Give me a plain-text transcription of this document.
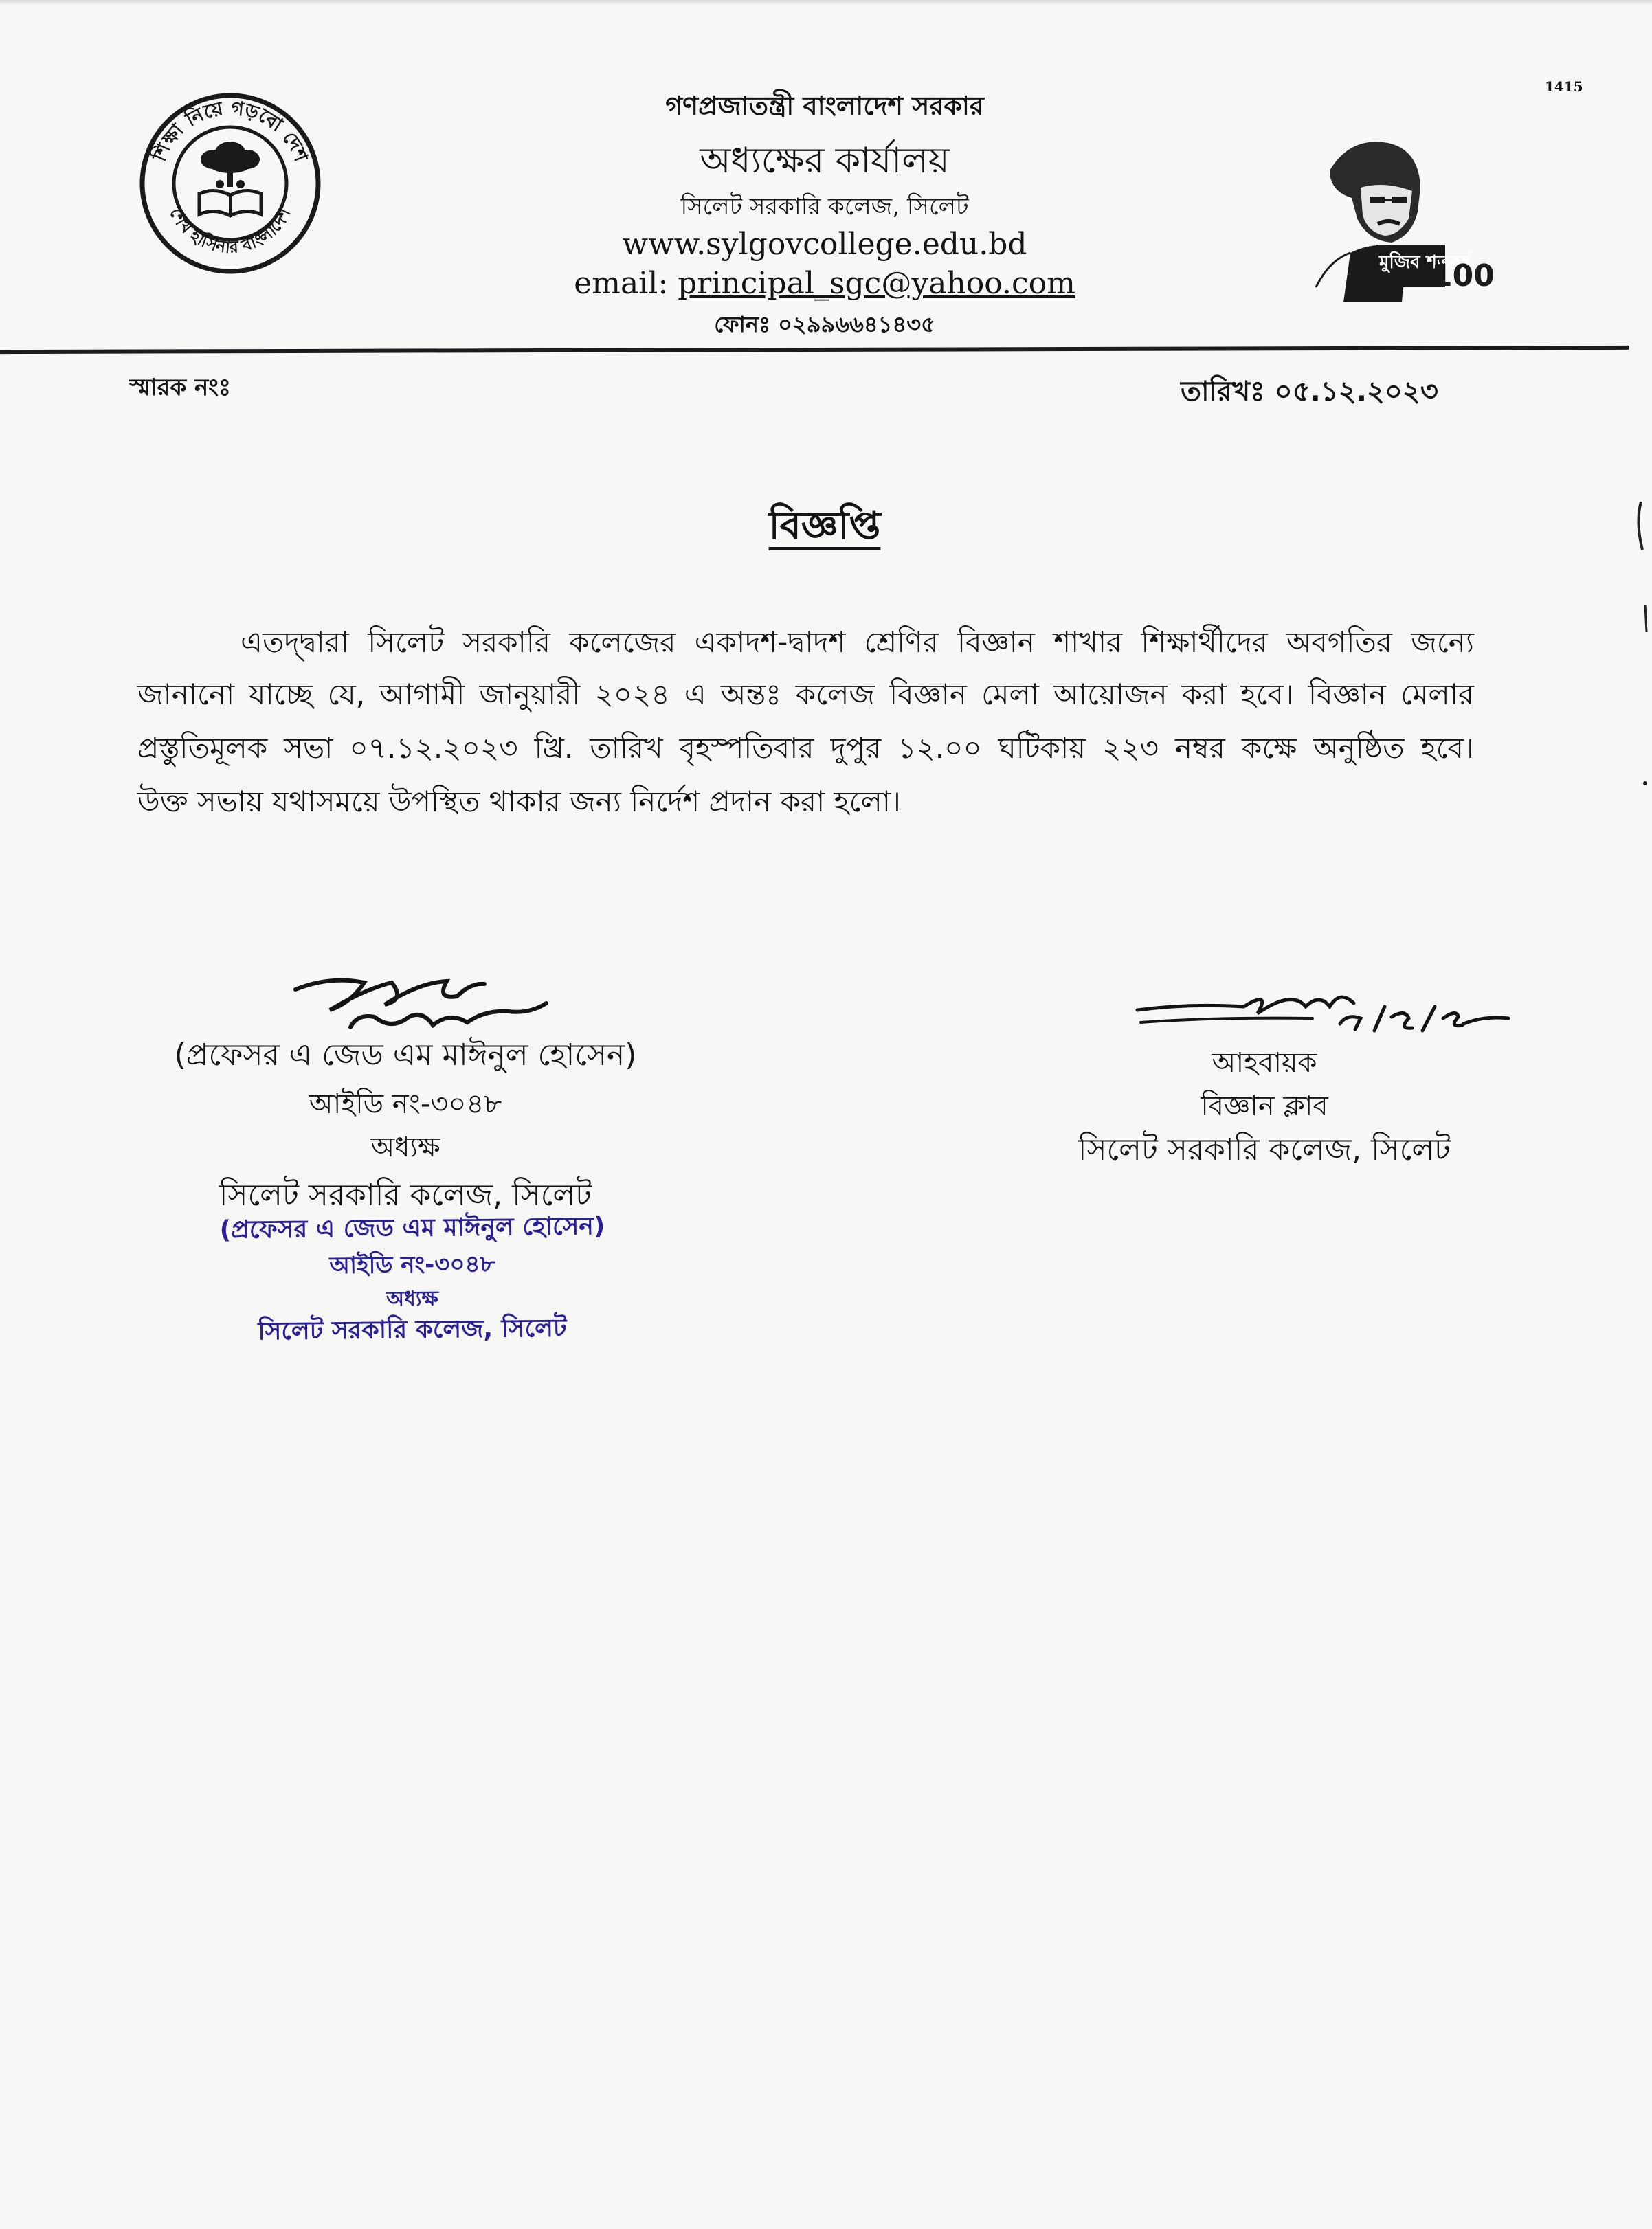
1415
শিক্ষা নিয়ে গড়বো দেশ
শেখ হাসিনার বাংলাদেশ
গণপ্রজাতন্ত্রী বাংলাদেশ সরকার
অধ্যক্ষের কার্যালয়
সিলেট সরকারি কলেজ, সিলেট
www.sylgovcollege.edu.bd
email: principal_sgc@yahoo.com
ফোনঃ ০২৯৯৬৬৪১৪৩৫
মুজিব শতবর্ষ
100
স্মারক নংঃ	তারিখঃ ০৫.১২.২০২৩
বিজ্ঞপ্তি
এতদ্দ্বারা সিলেট সরকারি কলেজের একাদশ-দ্বাদশ শ্রেণির বিজ্ঞান শাখার শিক্ষার্থীদের অবগতির জন্যে
জানানো যাচ্ছে যে, আগামী জানুয়ারী ২০২৪ এ অন্তঃ কলেজ বিজ্ঞান মেলা আয়োজন করা হবে। বিজ্ঞান মেলার
প্রস্তুতিমূলক সভা ০৭.১২.২০২৩ খ্রি. তারিখ বৃহস্পতিবার দুপুর ১২.০০ ঘটিকায় ২২৩ নম্বর কক্ষে অনুষ্ঠিত হবে।
উক্ত সভায় যথাসময়ে উপস্থিত থাকার জন্য নির্দেশ প্রদান করা হলো।
(প্রফেসর এ জেড এম মাঈনুল হোসেন)
আইডি নং-৩০৪৮
অধ্যক্ষ
সিলেট সরকারি কলেজ, সিলেট
(প্রফেসর এ জেড এম মাঈনুল হোসেন)
আইডি নং-৩০৪৮
অধ্যক্ষ
সিলেট সরকারি কলেজ, সিলেট
আহবায়ক
বিজ্ঞান ক্লাব
সিলেট সরকারি কলেজ, সিলেট
